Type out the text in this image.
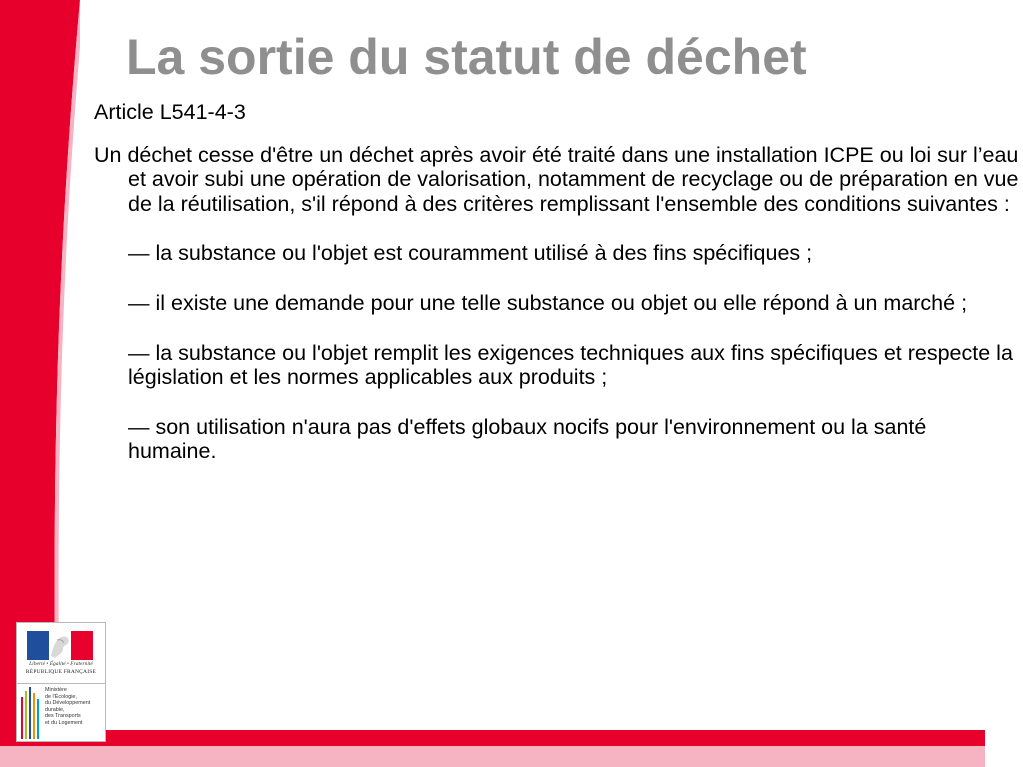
La sortie du statut de déchet

Article L541-4-3

Un déchet cesse d'être un déchet après avoir été traité dans une installation ICPE ou loi sur l’eau et avoir subi une opération de valorisation, notamment de recyclage ou de préparation en vue de la réutilisation, s'il répond à des critères remplissant l'ensemble des conditions suivantes :

— la substance ou l'objet est couramment utilisé à des fins spécifiques ;

— il existe une demande pour une telle substance ou objet ou elle répond à un marché ;

— la substance ou l'objet remplit les exigences techniques aux fins spécifiques et respecte la législation et les normes applicables aux produits ;

— son utilisation n'aura pas d'effets globaux nocifs pour l'environnement ou la santé humaine.

Liberté • Égalité • Fraternité
RÉPUBLIQUE FRANÇAISE
Ministère
de l'Écologie,
du Développement
durable,
des Transports
et du Logement
